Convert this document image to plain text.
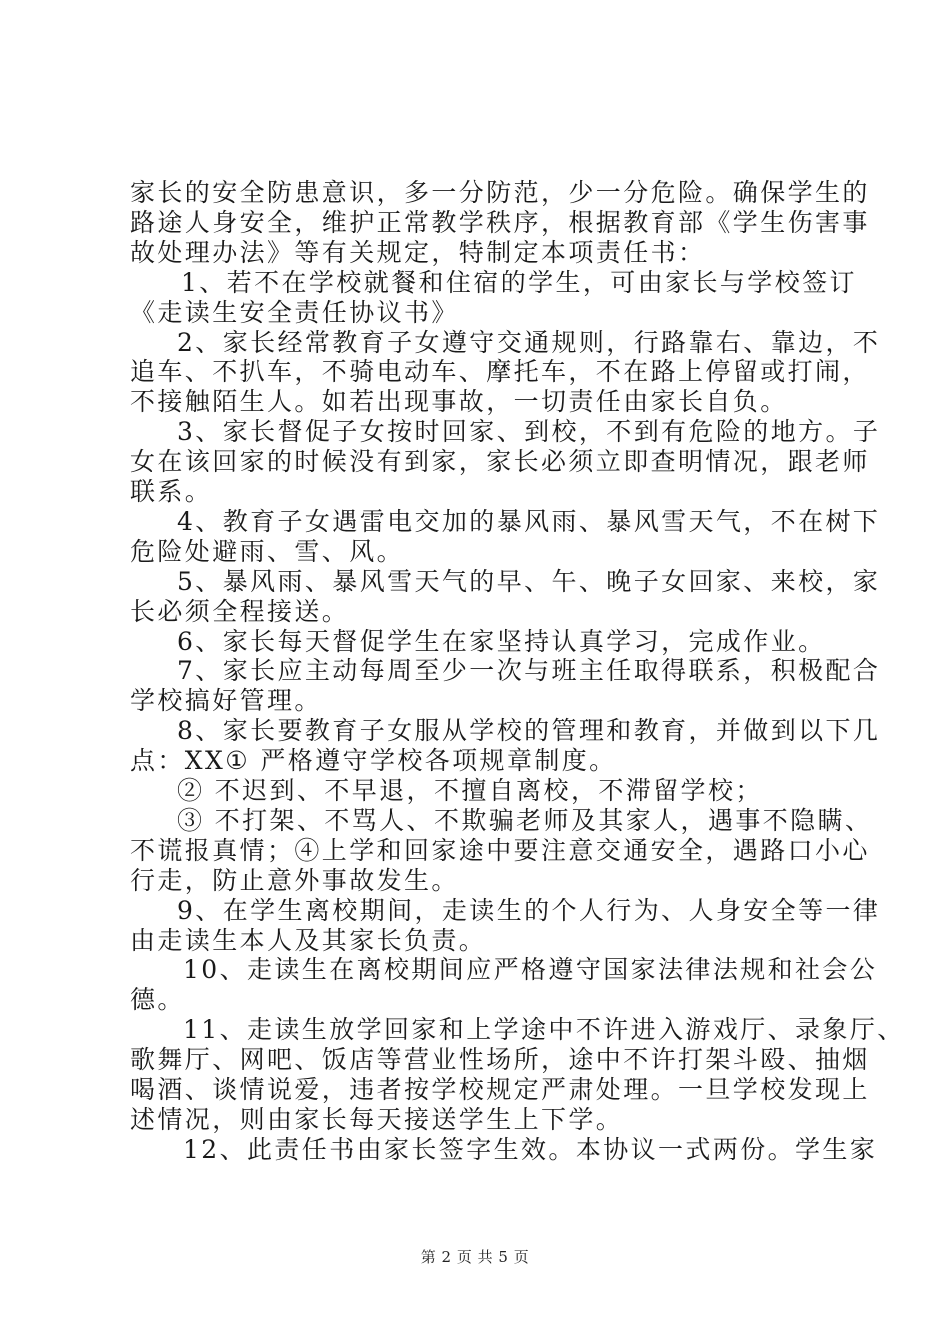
家长的安全防患意识，多一分防范，少一分危险。确保学生的
路途人身安全，维护正常教学秩序，根据教育部《学生伤害事
故处理办法》等有关规定，特制定本项责任书：
1、若不在学校就餐和住宿的学生，可由家长与学校签订
《走读生安全责任协议书》
2、家长经常教育子女遵守交通规则，行路靠右、靠边，不
追车、不扒车，不骑电动车、摩托车，不在路上停留或打闹，
不接触陌生人。如若出现事故，一切责任由家长自负。
3、家长督促子女按时回家、到校，不到有危险的地方。子
女在该回家的时候没有到家，家长必须立即查明情况，跟老师
联系。
4、教育子女遇雷电交加的暴风雨、暴风雪天气，不在树下
危险处避雨、雪、风。
5、暴风雨、暴风雪天气的早、午、晚子女回家、来校，家
长必须全程接送。
6、家长每天督促学生在家坚持认真学习，完成作业。
7、家长应主动每周至少一次与班主任取得联系，积极配合
学校搞好管理。
8、家长要教育子女服从学校的管理和教育，并做到以下几
点：XX① 严格遵守学校各项规章制度。
② 不迟到、不早退，不擅自离校，不滞留学校；
③ 不打架、不骂人、不欺骗老师及其家人，遇事不隐瞒、
不谎报真情；④上学和回家途中要注意交通安全，遇路口小心
行走，防止意外事故发生。
9、在学生离校期间，走读生的个人行为、人身安全等一律
由走读生本人及其家长负责。
10、走读生在离校期间应严格遵守国家法律法规和社会公
德。
11、走读生放学回家和上学途中不许进入游戏厅、录象厅、
歌舞厅、网吧、饭店等营业性场所，途中不许打架斗殴、抽烟
喝酒、谈情说爱，违者按学校规定严肃处理。一旦学校发现上
述情况，则由家长每天接送学生上下学。
12、此责任书由家长签字生效。本协议一式两份。学生家
第 2 页 共 5 页
